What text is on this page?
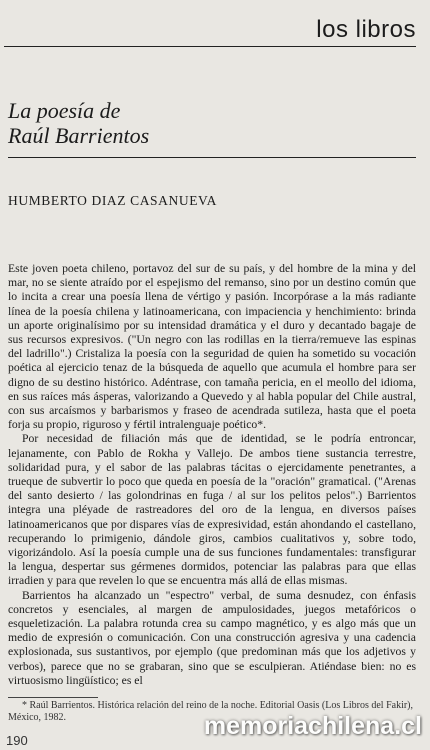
los libros
La poesía de
Raúl Barrientos
HUMBERTO DIAZ CASANUEVA

Este joven poeta chileno, portavoz del sur de su país, y del hombre de la mina y del mar, no se siente atraído por el espejismo del remanso, sino por un destino común que lo incita a crear una poesía llena de vértigo y pasión. Incorpórase a la más radiante línea de la poesía chilena y latinoamericana, con impaciencia y henchimiento: brinda un aporte originalísimo por su intensidad dramática y el duro y decantado bagaje de sus recursos expresivos. ("Un negro con las rodillas en la tierra/remueve las espinas del ladrillo".) Cristaliza la poesía con la seguridad de quien ha sometido su vocación poética al ejercicio tenaz de la búsqueda de aquello que acumula el hombre para ser digno de su destino histórico. Adéntrase, con tamaña pericia, en el meollo del idioma, en sus raíces más ásperas, valorizando a Quevedo y al habla popular del Chile austral, con sus arcaísmos y barbarismos y fraseo de acendrada sutileza, hasta que el poeta forja su propio, riguroso y fértil intralenguaje poético*.

Por necesidad de filiación más que de identidad, se le podría entroncar, lejanamente, con Pablo de Rokha y Vallejo. De ambos tiene sustancia terrestre, solidaridad pura, y el sabor de las palabras tácitas o ejercidamente penetrantes, a trueque de subvertir lo poco que queda en poesía de la "oración" gramatical. ("Arenas del santo desierto / las golondrinas en fuga / al sur los pelitos pelos".) Barrientos integra una pléyade de rastreadores del oro de la lengua, en diversos países latinoamericanos que por dispares vías de expresividad, están ahondando el castellano, recuperando lo primigenio, dándole giros, cambios cualitativos y, sobre todo, vigorizándolo. Así la poesía cumple una de sus funciones fundamentales: transfigurar la lengua, despertar sus gérmenes dormidos, potenciar las palabras para que ellas irradien y para que revelen lo que se encuentra más allá de ellas mismas.

Barrientos ha alcanzado un "espectro" verbal, de suma desnudez, con énfasis concretos y esenciales, al margen de ampulosidades, juegos metafóricos o esqueletización. La palabra rotunda crea su campo magnético, y es algo más que un medio de expresión o comunicación. Con una construcción agresiva y una cadencia explosionada, sus sustantivos, por ejemplo (que predominan más que los adjetivos y verbos), parece que no se grabaran, sino que se esculpieran. Atiéndase bien: no es virtuosismo lingüístico; es el

* Raúl Barrientos. Histórica relación del reino de la noche. Editorial Oasis (Los Libros del Fakir), México, 1982.
190
memoriachilena.cl
